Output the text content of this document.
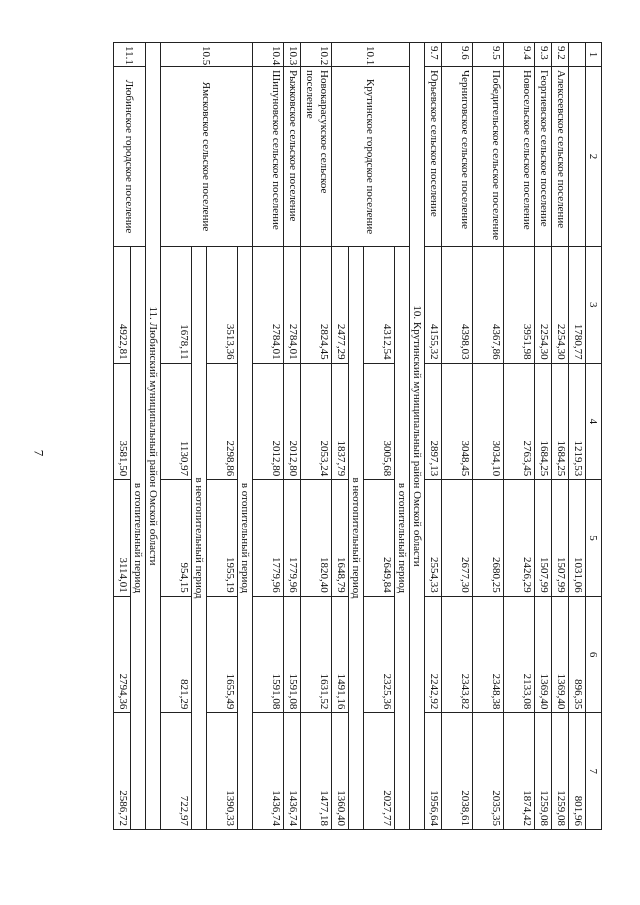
7
1	2	3	4	5	6	7
		1780,77	1219,53	1031,06	896,35	801,96
9.2	Алексеевское сельское поселение	2254,30	1684,25	1507,99	1369,40	1259,08
9.3	Георгиевское сельское поселение	2254,30	1684,25	1507,99	1369,40	1259,08
9.4	Новосельское сельское поселение	3951,98	2763,45	2426,29	2133,08	1874,42
9.5	Победительское сельское поселение	4367,86	3034,10	2680,25	2348,38	2035,35
9.6	Черниговское сельское поселение	4398,03	3048,45	2677,30	2343,82	2038,61
9.7	Юрьевское сельское поселение	4155,32	2897,13	2554,33	2242,92	1956,64
10. Крутинский муниципальный район Омской области						
10.1	Крутинское городское поселение	в отопительный период				
		4312,54	3005,68	2649,84	2325,36	2027,77
		в неотопительный период				
		2477,29	1837,79	1648,79	1491,16	1360,40
10.2	Новокарасукское сельское поселение	2824,45	2053,24	1820,40	1631,52	1477,18
10.3	Рыжковское сельское поселение	2784,01	2012,80	1779,96	1591,08	1436,74
10.4	Шипуновское сельское поселение	2784,01	2012,80	1779,96	1591,08	1436,74
10.5	Ямсковское сельское поселение	в отопительный период				
		3513,36	2298,86	1955,19	1655,49	1390,33
		в неотопительный период				
		1678,11	1130,97	954,15	821,29	722,97
11. Любинский муниципальный район Омской области						
11.1	Любинское городское поселение	в отопительный период				
		4922,81	3581,50	3114,01	2794,36	2586,72
